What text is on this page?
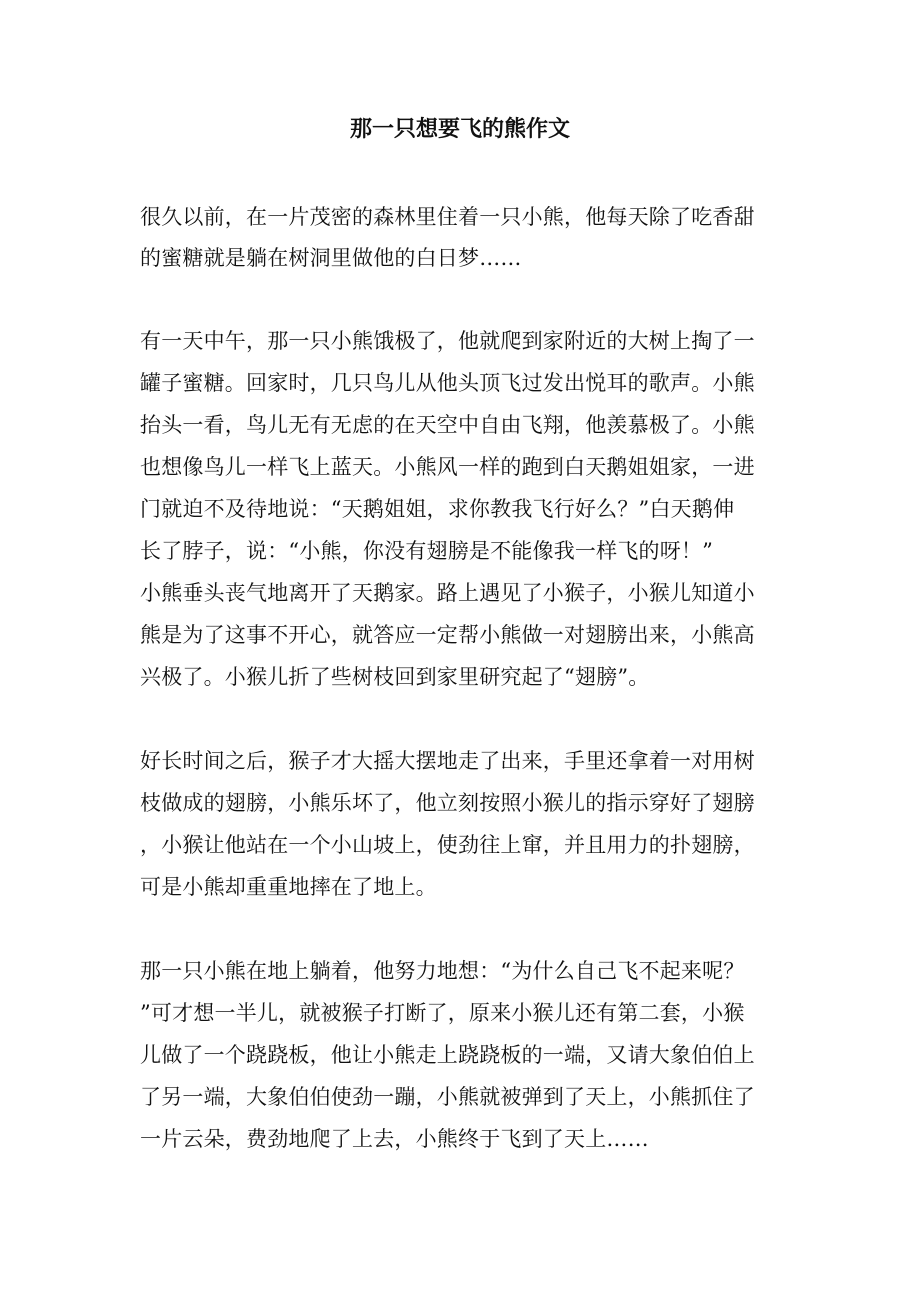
那一只想要飞的熊作文

很久以前，在一片茂密的森林里住着一只小熊，他每天除了吃香甜

的蜜糖就是躺在树洞里做他的白日梦……

有一天中午，那一只小熊饿极了，他就爬到家附近的大树上掏了一

罐子蜜糖。回家时，几只鸟儿从他头顶飞过发出悦耳的歌声。小熊

抬头一看，鸟儿无有无虑的在天空中自由飞翔，他羡慕极了。小熊

也想像鸟儿一样飞上蓝天。小熊风一样的跑到白天鹅姐姐家，一进

门就迫不及待地说：“天鹅姐姐，求你教我飞行好么？”白天鹅伸

长了脖子，说：“小熊，你没有翅膀是不能像我一样飞的呀！”

小熊垂头丧气地离开了天鹅家。路上遇见了小猴子，小猴儿知道小

熊是为了这事不开心，就答应一定帮小熊做一对翅膀出来，小熊高

兴极了。小猴儿折了些树枝回到家里研究起了“翅膀”。

好长时间之后，猴子才大摇大摆地走了出来，手里还拿着一对用树

枝做成的翅膀，小熊乐坏了，他立刻按照小猴儿的指示穿好了翅膀

，小猴让他站在一个小山坡上，使劲往上窜，并且用力的扑翅膀，

可是小熊却重重地摔在了地上。

那一只小熊在地上躺着，他努力地想：“为什么自己飞不起来呢？

”可才想一半儿，就被猴子打断了，原来小猴儿还有第二套，小猴

儿做了一个跷跷板，他让小熊走上跷跷板的一端，又请大象伯伯上

了另一端，大象伯伯使劲一蹦，小熊就被弹到了天上，小熊抓住了

一片云朵，费劲地爬了上去，小熊终于飞到了天上……
